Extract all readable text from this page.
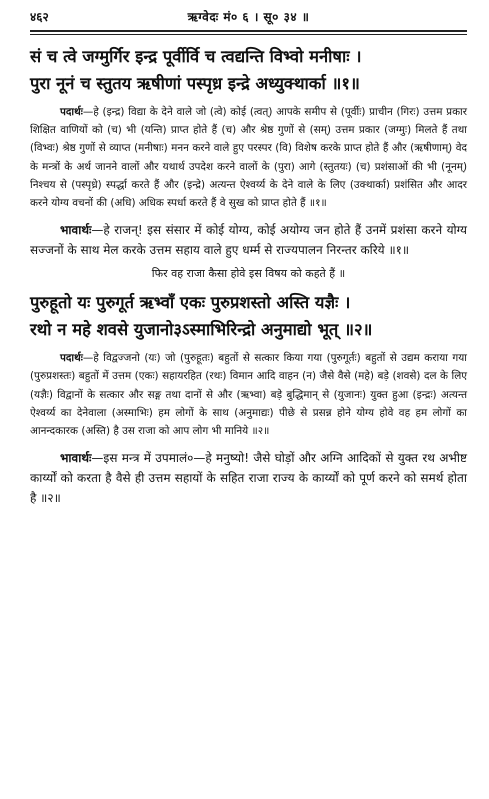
४६२	ऋग्वेदः मं० ६ । सू० ३४ ॥
सं च त्वे जग्मुर्गिर इन्द्र पूर्वीर्वि च त्वद्यन्ति विभ्वो मनीषाः ।
पुरा नूनं च स्तुतय ऋषीणां पस्पृध्र इन्द्रे अध्युक्थार्का ॥१॥

पदार्थः—हे (इन्द्र) विद्या के देने वाले जो (त्वे) कोई (त्वत्) आपके समीप से (पूर्वीः) प्राचीन (गिरः) उत्तम प्रकार शिक्षित वाणियों को (च) भी (यन्ति) प्राप्त होते हैं (च) और श्रेष्ठ गुणों से (सम्) उत्तम प्रकार (जग्मुः) मिलते हैं तथा (विभ्वः) श्रेष्ठ गुणों से व्याप्त (मनीषाः) मनन करने वाले हुए परस्पर (वि) विशेष करके प्राप्त होते हैं और (ऋषीणाम्) वेद के मन्त्रों के अर्थ जानने वालों और यथार्थ उपदेश करने वालों के (पुरा) आगे (स्तुतयः) (च) प्रशंसाओं की भी (नूनम्) निश्चय से (पस्पृध्रे) स्पर्द्धा करते हैं और (इन्द्रे) अत्यन्त ऐश्वर्य्य के देने वाले के लिए (उक्थार्का) प्रशंसित और आदर करने योग्य वचनों की (अधि) अधिक स्पर्धा करते हैं वे सुख को प्राप्त होते हैं ॥१॥

भावार्थः—हे राजन्! इस संसार में कोई योग्य, कोई अयोग्य जन होते हैं उनमें प्रशंसा करने योग्य सज्जनों के साथ मेल करके उत्तम सहाय वाले हुए धर्म्म से राज्यपालन निरन्तर करिये ॥१॥

फिर वह राजा कैसा होवे इस विषय को कहते हैं ॥

पुरुहूतो यः पुरुगूर्त ऋभ्वाँ एकः पुरुप्रशस्तो अस्ति यज्ञैः ।
रथो न महे शवसे युजानो३ऽस्माभिरिन्द्रो अनुमाद्यो भूत् ॥२॥

पदार्थः—हे विद्वज्जनो (यः) जो (पुरुहूतः) बहुतों से सत्कार किया गया (पुरुगूर्तः) बहुतों से उद्यम कराया गया (पुरुप्रशस्तः) बहुतों में उत्तम (एकः) सहायरहित (रथः) विमान आदि वाहन (न) जैसे वैसे (महे) बड़े (शवसे) दल के लिए (यज्ञैः) विद्वानों के सत्कार और सङ्ग तथा दानों से और (ऋभ्वा) बड़े बुद्धिमान् से (युजानः) युक्त हुआ (इन्द्रः) अत्यन्त ऐश्वर्य्य का देनेवाला (अस्माभिः) हम लोगों के साथ (अनुमाद्यः) पीछे से प्रसन्न होने योग्य होवे वह हम लोगों का आनन्दकारक (अस्ति) है उस राजा को आप लोग भी मानिये ॥२॥

भावार्थः—इस मन्त्र में उपमालं०—हे मनुष्यो! जैसे घोड़ों और अग्नि आदिकों से युक्त रथ अभीष्ट कार्य्यों को करता है वैसे ही उत्तम सहायों के सहित राजा राज्य के कार्य्यों को पूर्ण करने को समर्थ होता है ॥२॥
